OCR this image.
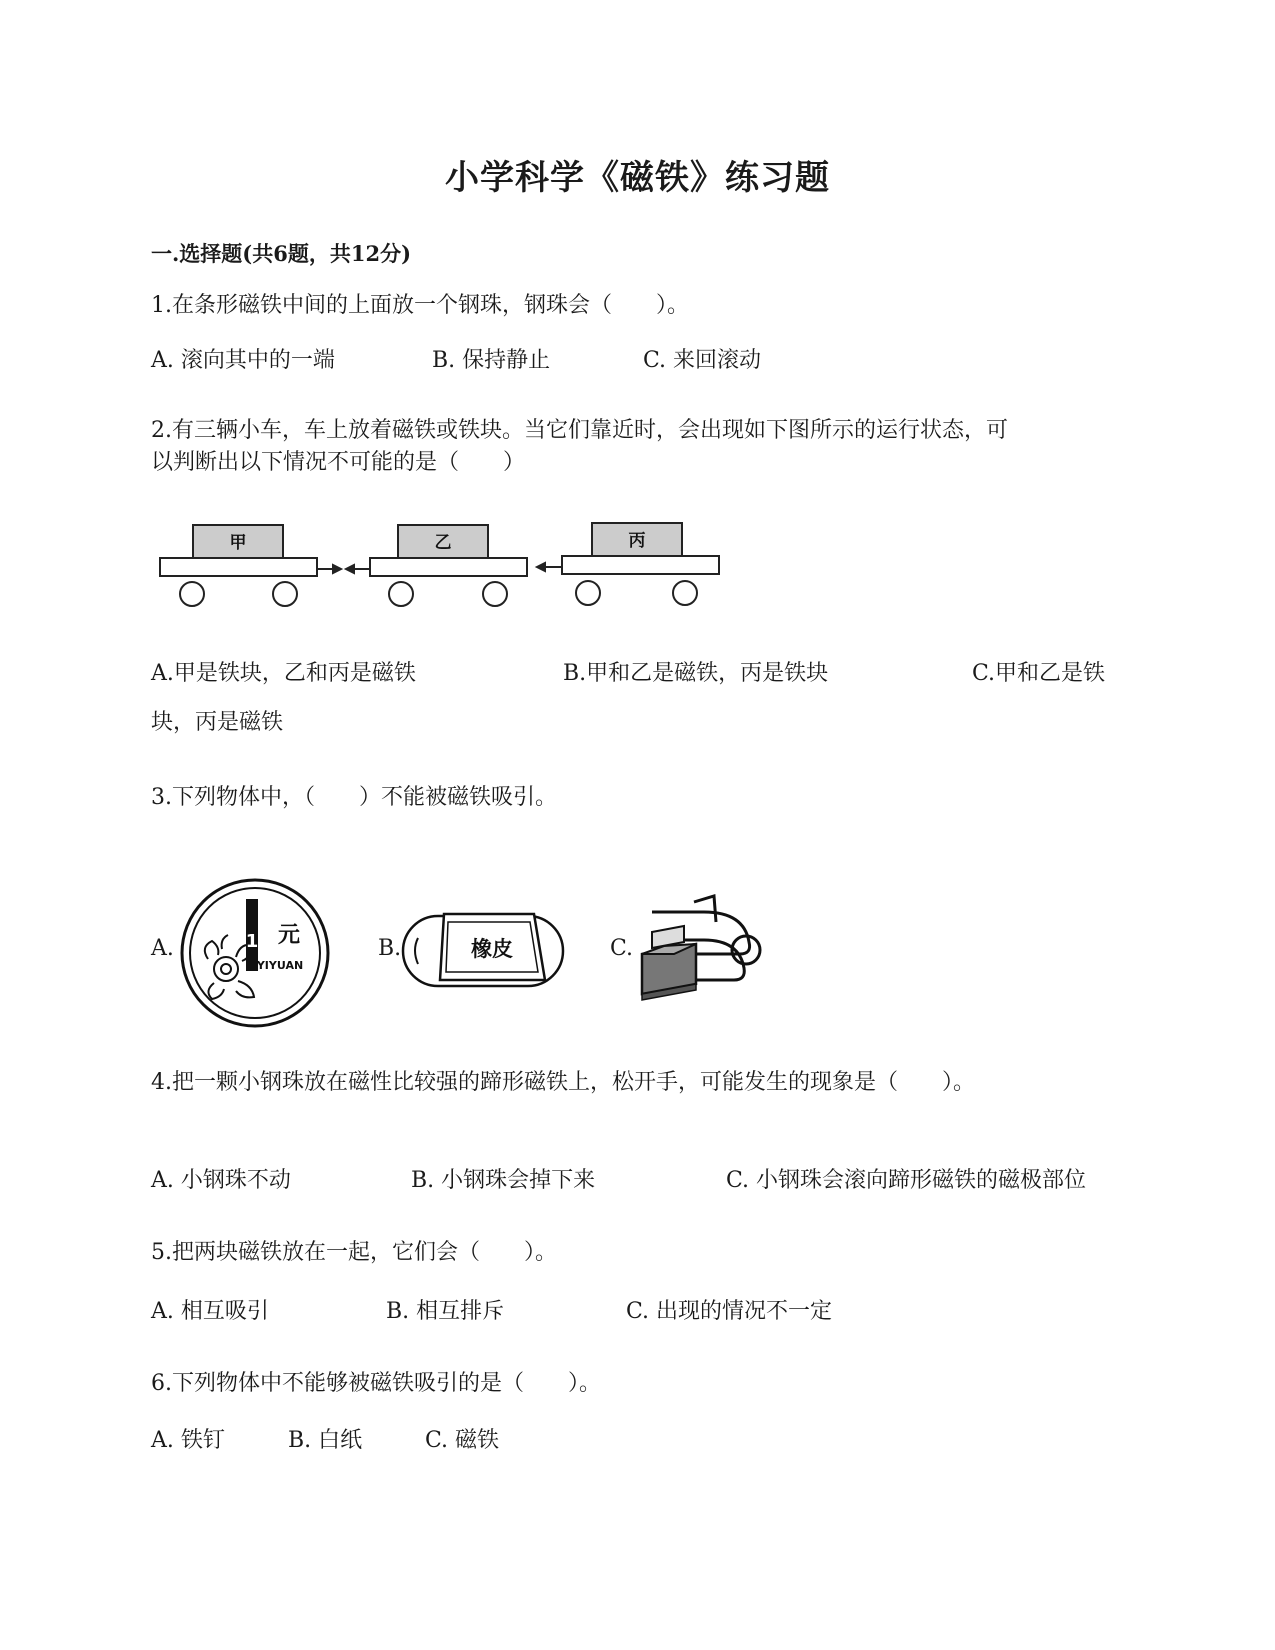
小学科学《磁铁》练习题
一.选择题(共6题，共12分)
1.在条形磁铁中间的上面放一个钢珠，钢珠会（　　）。
A. 滚向其中的一端	B. 保持静止	C. 来回滚动
2.有三辆小车，车上放着磁铁或铁块。当它们靠近时，会出现如下图所示的运行状态，可
以判断出以下情况不可能的是（　　）
甲	乙	丙
A.甲是铁块，乙和丙是磁铁	B.甲和乙是磁铁，丙是铁块	C.甲和乙是铁
块，丙是磁铁
3.下列物体中，（　　）不能被磁铁吸引。
A.	1 元
YIYUAN
B.	橡皮	C.
4.把一颗小钢珠放在磁性比较强的蹄形磁铁上，松开手，可能发生的现象是（　　）。
A. 小钢珠不动	B. 小钢珠会掉下来	C. 小钢珠会滚向蹄形磁铁的磁极部位
5.把两块磁铁放在一起，它们会（　　）。
A. 相互吸引	B. 相互排斥	C. 出现的情况不一定
6.下列物体中不能够被磁铁吸引的是（　　）。
A. 铁钉	B. 白纸	C. 磁铁
